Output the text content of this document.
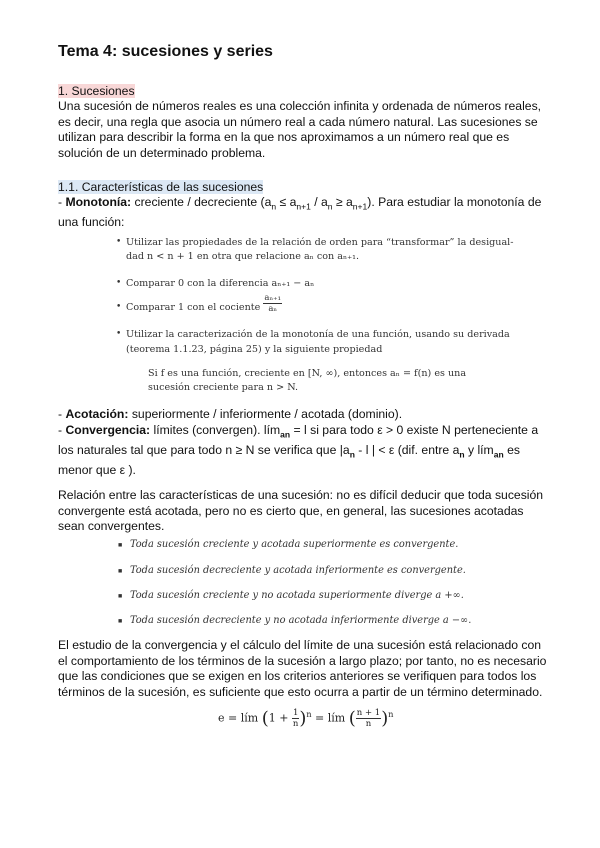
Tema 4: sucesiones y series
1. Sucesiones
Una sucesión de números reales es una colección infinita y ordenada de números reales, es decir, una regla que asocia un número real a cada número natural. Las sucesiones se utilizan para describir la forma en la que nos aproximamos a un número real que es solución de un determinado problema.
1.1. Características de las sucesiones
- Monotonía: creciente / decreciente $(a_n \le a_{n+1} / a_n \ge a_{n+1})$. Para estudiar la monotonía de una función:
• Utilizar las propiedades de la relación de orden para “transformar” la desigual-
dad n < n + 1 en otra que relacione aₙ con aₙ₊₁.
• Comparar 0 con la diferencia aₙ₊₁ − aₙ
• Comparar 1 con el cociente $\frac{\text{aₙ₊₁}}{\text{aₙ}}$
• Utilizar la caracterización de la monotonía de una función, usando su derivada
(teorema 1.1.23, página 25) y la siguiente propiedad
Si f es una función, creciente en [N, ∞), entonces aₙ = f(n) es una
sucesión creciente para n > N.
- Acotación: superiormente / inferiormente / acotada (dominio).
- Convergencia: límites (convergen). lím$_{an}$ = l si para todo ε > 0 existe N perteneciente a los naturales tal que para todo n ≥ N se verifica que $|a_n$ - l | < ε (dif. entre $a_n$ y lím$_{an}$ es menor que ε ).
Relación entre las características de una sucesión: no es difícil deducir que toda sucesión convergente está acotada, pero no es cierto que, en general, las sucesiones acotadas sean convergentes.
■ Toda sucesión creciente y acotada superiormente es convergente.
■ Toda sucesión decreciente y acotada inferiormente es convergente.
■ Toda sucesión creciente y no acotada superiormente diverge a +∞.
■ Toda sucesión decreciente y no acotada inferiormente diverge a −∞.
El estudio de la convergencia y el cálculo del límite de una sucesión está relacionado con el comportamiento de los términos de la sucesión a largo plazo; por tanto, no es necesario que las condiciones que se exigen en los criterios anteriores se verifiquen para todos los términos de la sucesión, es suficiente que esto ocurra a partir de un término determinado.
e = lím $(1 + \frac{1}{n} )^n$ = lím ( $\frac{n + 1}{n} )^n$
